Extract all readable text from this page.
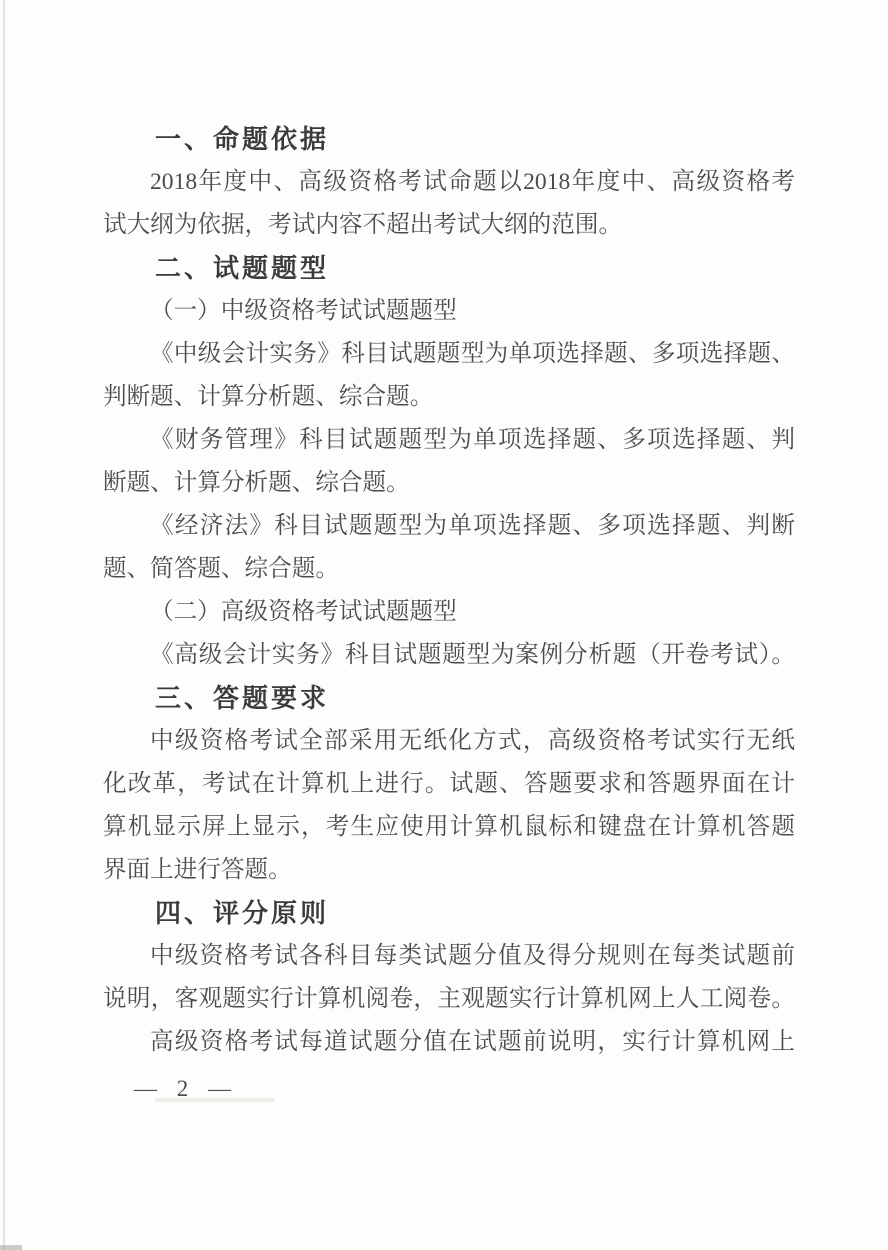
一、命题依据
2018年度中、高级资格考试命题以2018年度中、高级资格考
试大纲为依据，考试内容不超出考试大纲的范围。
二、试题题型
（一）中级资格考试试题题型
《中级会计实务》科目试题题型为单项选择题、多项选择题、
判断题、计算分析题、综合题。
《财务管理》科目试题题型为单项选择题、多项选择题、判
断题、计算分析题、综合题。
《经济法》科目试题题型为单项选择题、多项选择题、判断
题、简答题、综合题。
（二）高级资格考试试题题型
《高级会计实务》科目试题题型为案例分析题（开卷考试）。
三、答题要求
中级资格考试全部采用无纸化方式，高级资格考试实行无纸
化改革，考试在计算机上进行。试题、答题要求和答题界面在计
算机显示屏上显示，考生应使用计算机鼠标和键盘在计算机答题
界面上进行答题。
四、评分原则
中级资格考试各科目每类试题分值及得分规则在每类试题前
说明，客观题实行计算机阅卷，主观题实行计算机网上人工阅卷。
高级资格考试每道试题分值在试题前说明，实行计算机网上
— 2 —
